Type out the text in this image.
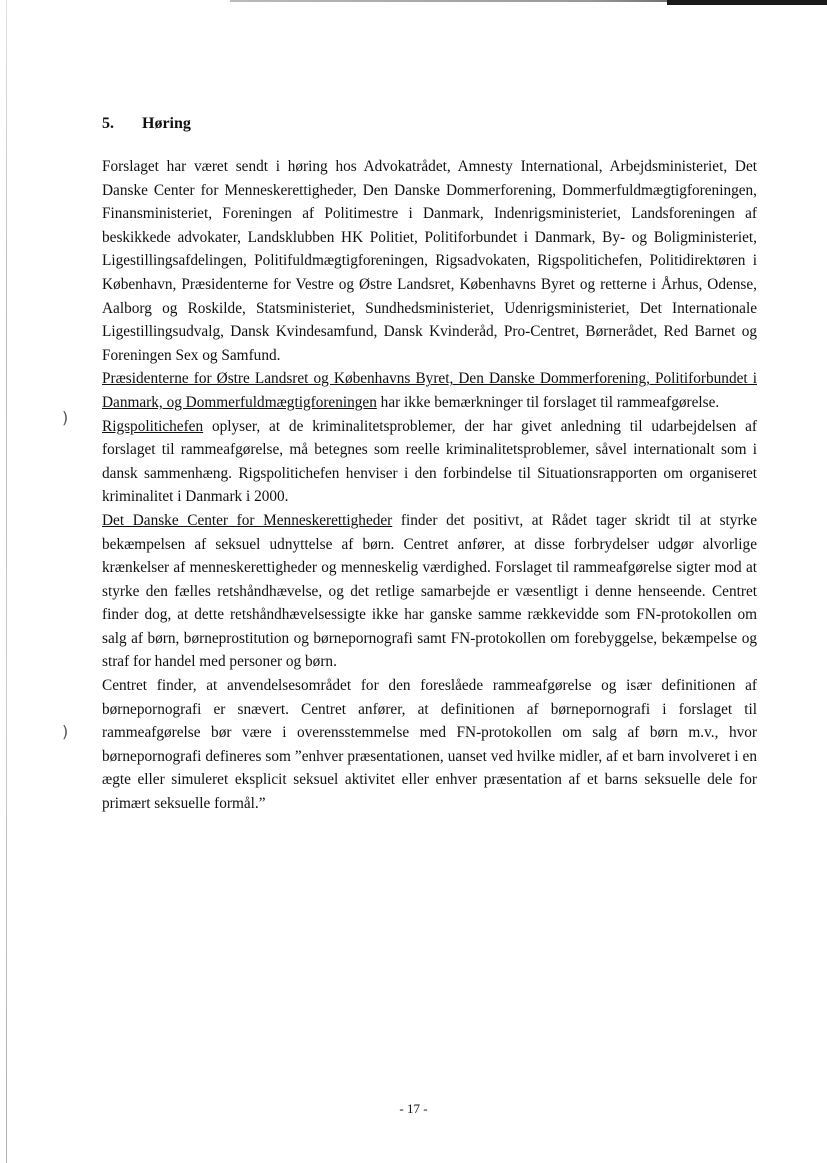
)
)
5. Høring

Forslaget har været sendt i høring hos Advokatrådet, Amnesty International, Arbejdsministeriet, Det Danske Center for Menneskerettigheder, Den Danske Dommerforening, Dommerfuldmægtigforeningen, Finansministeriet, Foreningen af Politimestre i Danmark, Indenrigsministeriet, Landsforeningen af beskikkede advokater, Landsklubben HK Politiet, Politiforbundet i Danmark, By- og Boligministeriet, Ligestillingsafdelingen, Politifuldmægtigforeningen, Rigsadvokaten, Rigspolitichefen, Politidirektøren i København, Præsidenterne for Vestre og Østre Landsret, Københavns Byret og retterne i Århus, Odense, Aalborg og Roskilde, Statsministeriet, Sundhedsministeriet, Udenrigsministeriet, Det Internationale Ligestillingsudvalg, Dansk Kvindesamfund, Dansk Kvinderåd, Pro-Centret, Børnerådet, Red Barnet og Foreningen Sex og Samfund.

Præsidenterne for Østre Landsret og Københavns Byret, Den Danske Dommerforening, Politiforbundet i Danmark, og Dommerfuldmægtigforeningen har ikke bemærkninger til forslaget til rammeafgørelse.

Rigspolitichefen oplyser, at de kriminalitetsproblemer, der har givet anledning til udarbejdelsen af forslaget til rammeafgørelse, må betegnes som reelle kriminalitetsproblemer, såvel internationalt som i dansk sammenhæng. Rigspolitichefen henviser i den forbindelse til Situationsrapporten om organiseret kriminalitet i Danmark i 2000.

Det Danske Center for Menneskerettigheder finder det positivt, at Rådet tager skridt til at styrke bekæmpelsen af seksuel udnyttelse af børn. Centret anfører, at disse forbrydelser udgør alvorlige krænkelser af menneskerettigheder og menneskelig værdighed. Forslaget til rammeafgørelse sigter mod at styrke den fælles retshåndhævelse, og det retlige samarbejde er væsentligt i denne henseende. Centret finder dog, at dette retshåndhævelsessigte ikke har ganske samme rækkevidde som FN-protokollen om salg af børn, børneprostitution og børnepornografi samt FN-protokollen om forebyggelse, bekæmpelse og straf for handel med personer og børn.

Centret finder, at anvendelsesområdet for den foreslåede rammeafgørelse og især definitionen af børnepornografi er snævert. Centret anfører, at definitionen af børnepornografi i forslaget til rammeafgørelse bør være i overensstemmelse med FN-protokollen om salg af børn m.v., hvor børnepornografi defineres som ”enhver præsentationen, uanset ved hvilke midler, af et barn involveret i en ægte eller simuleret eksplicit seksuel aktivitet eller enhver præsentation af et barns seksuelle dele for primært seksuelle formål.”

- 17 -
